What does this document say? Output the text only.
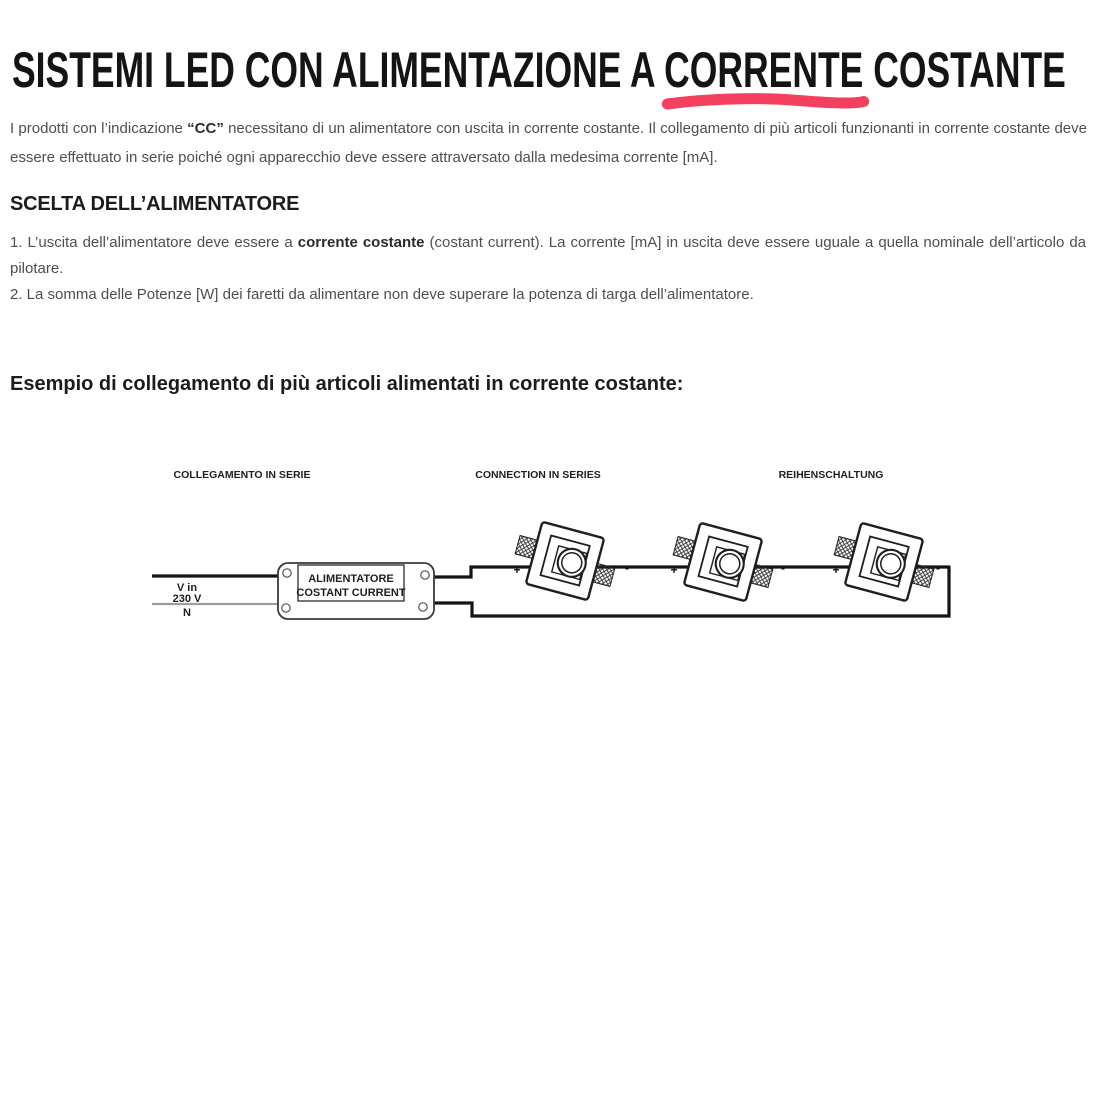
SISTEMI LED CON ALIMENTAZIONE A CORRENTE
COSTANTE

I prodotti con l’indicazione “CC” necessitano di un alimentatore con uscita in corrente costante. Il collegamento di più articoli funzionanti in corrente costante deve essere effettuato in serie poiché ogni apparecchio deve essere attraversato dalla medesima corrente [mA].

SCELTA DELL’ALIMENTATORE

1. L’uscita dell’alimentatore deve essere a corrente costante (costant current). La corrente [mA] in uscita deve essere uguale a quella nominale dell’articolo da pilotare.

2. La somma delle Potenze [W] dei faretti da alimentare non deve superare la potenza di targa dell’alimentatore.

Esempio di collegamento di più articoli alimentati in corrente costante:
COLLEGAMENTO IN SERIE	CONNECTION IN SERIES	REIHENSCHALTUNG
V in
230 V
N
ALIMENTATORE
COSTANT CURRENT
+	-	+	-	+	-
